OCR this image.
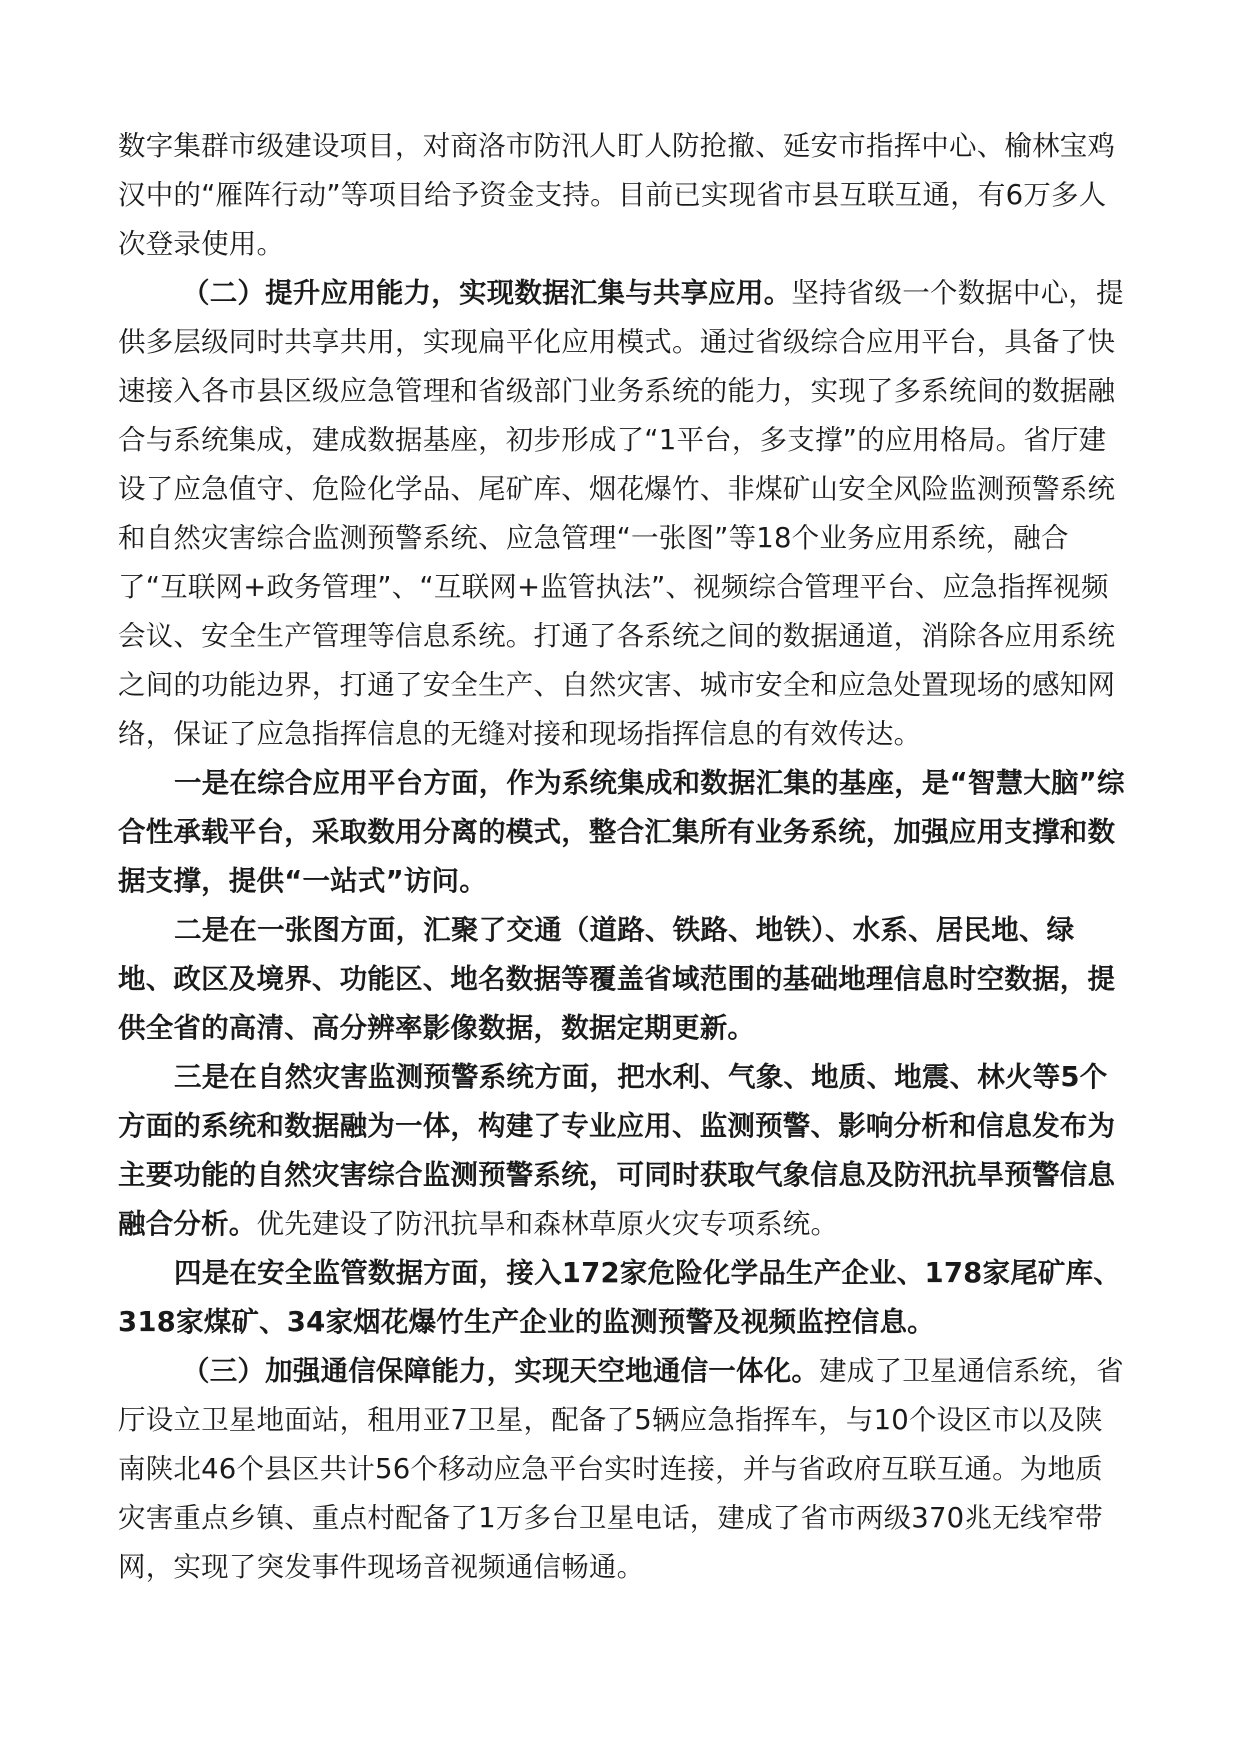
数字集群市级建设项目，对商洛市防汛人盯人防抢撤、延安市指挥中心、榆林宝鸡汉中的“雁阵行动”等项目给予资金支持。目前已实现省市县互联互通，有6万多人次登录使用。

（二）提升应用能力，实现数据汇集与共享应用。坚持省级一个数据中心，提供多层级同时共享共用，实现扁平化应用模式。通过省级综合应用平台，具备了快速接入各市县区级应急管理和省级部门业务系统的能力，实现了多系统间的数据融合与系统集成，建成数据基座，初步形成了“1平台，多支撑”的应用格局。省厅建设了应急值守、危险化学品、尾矿库、烟花爆竹、非煤矿山安全风险监测预警系统和自然灾害综合监测预警系统、应急管理“一张图”等18个业务应用系统，融合了“互联网+政务管理”、“互联网+监管执法”、视频综合管理平台、应急指挥视频会议、安全生产管理等信息系统。打通了各系统之间的数据通道，消除各应用系统之间的功能边界，打通了安全生产、自然灾害、城市安全和应急处置现场的感知网络，保证了应急指挥信息的无缝对接和现场指挥信息的有效传达。

一是在综合应用平台方面，作为系统集成和数据汇集的基座，是“智慧大脑”综合性承载平台，采取数用分离的模式，整合汇集所有业务系统，加强应用支撑和数据支撑，提供“一站式”访问。

二是在一张图方面，汇聚了交通（道路、铁路、地铁）、水系、居民地、绿地、政区及境界、功能区、地名数据等覆盖省域范围的基础地理信息时空数据，提供全省的高清、高分辨率影像数据，数据定期更新。

三是在自然灾害监测预警系统方面，把水利、气象、地质、地震、林火等5个方面的系统和数据融为一体，构建了专业应用、监测预警、影响分析和信息发布为主要功能的自然灾害综合监测预警系统，可同时获取气象信息及防汛抗旱预警信息融合分析。优先建设了防汛抗旱和森林草原火灾专项系统。

四是在安全监管数据方面，接入172家危险化学品生产企业、178家尾矿库、318家煤矿、34家烟花爆竹生产企业的监测预警及视频监控信息。

（三）加强通信保障能力，实现天空地通信一体化。建成了卫星通信系统，省厅设立卫星地面站，租用亚7卫星，配备了5辆应急指挥车，与10个设区市以及陕南陕北46个县区共计56个移动应急平台实时连接，并与省政府互联互通。为地质灾害重点乡镇、重点村配备了1万多台卫星电话，建成了省市两级370兆无线窄带网，实现了突发事件现场音视频通信畅通。
